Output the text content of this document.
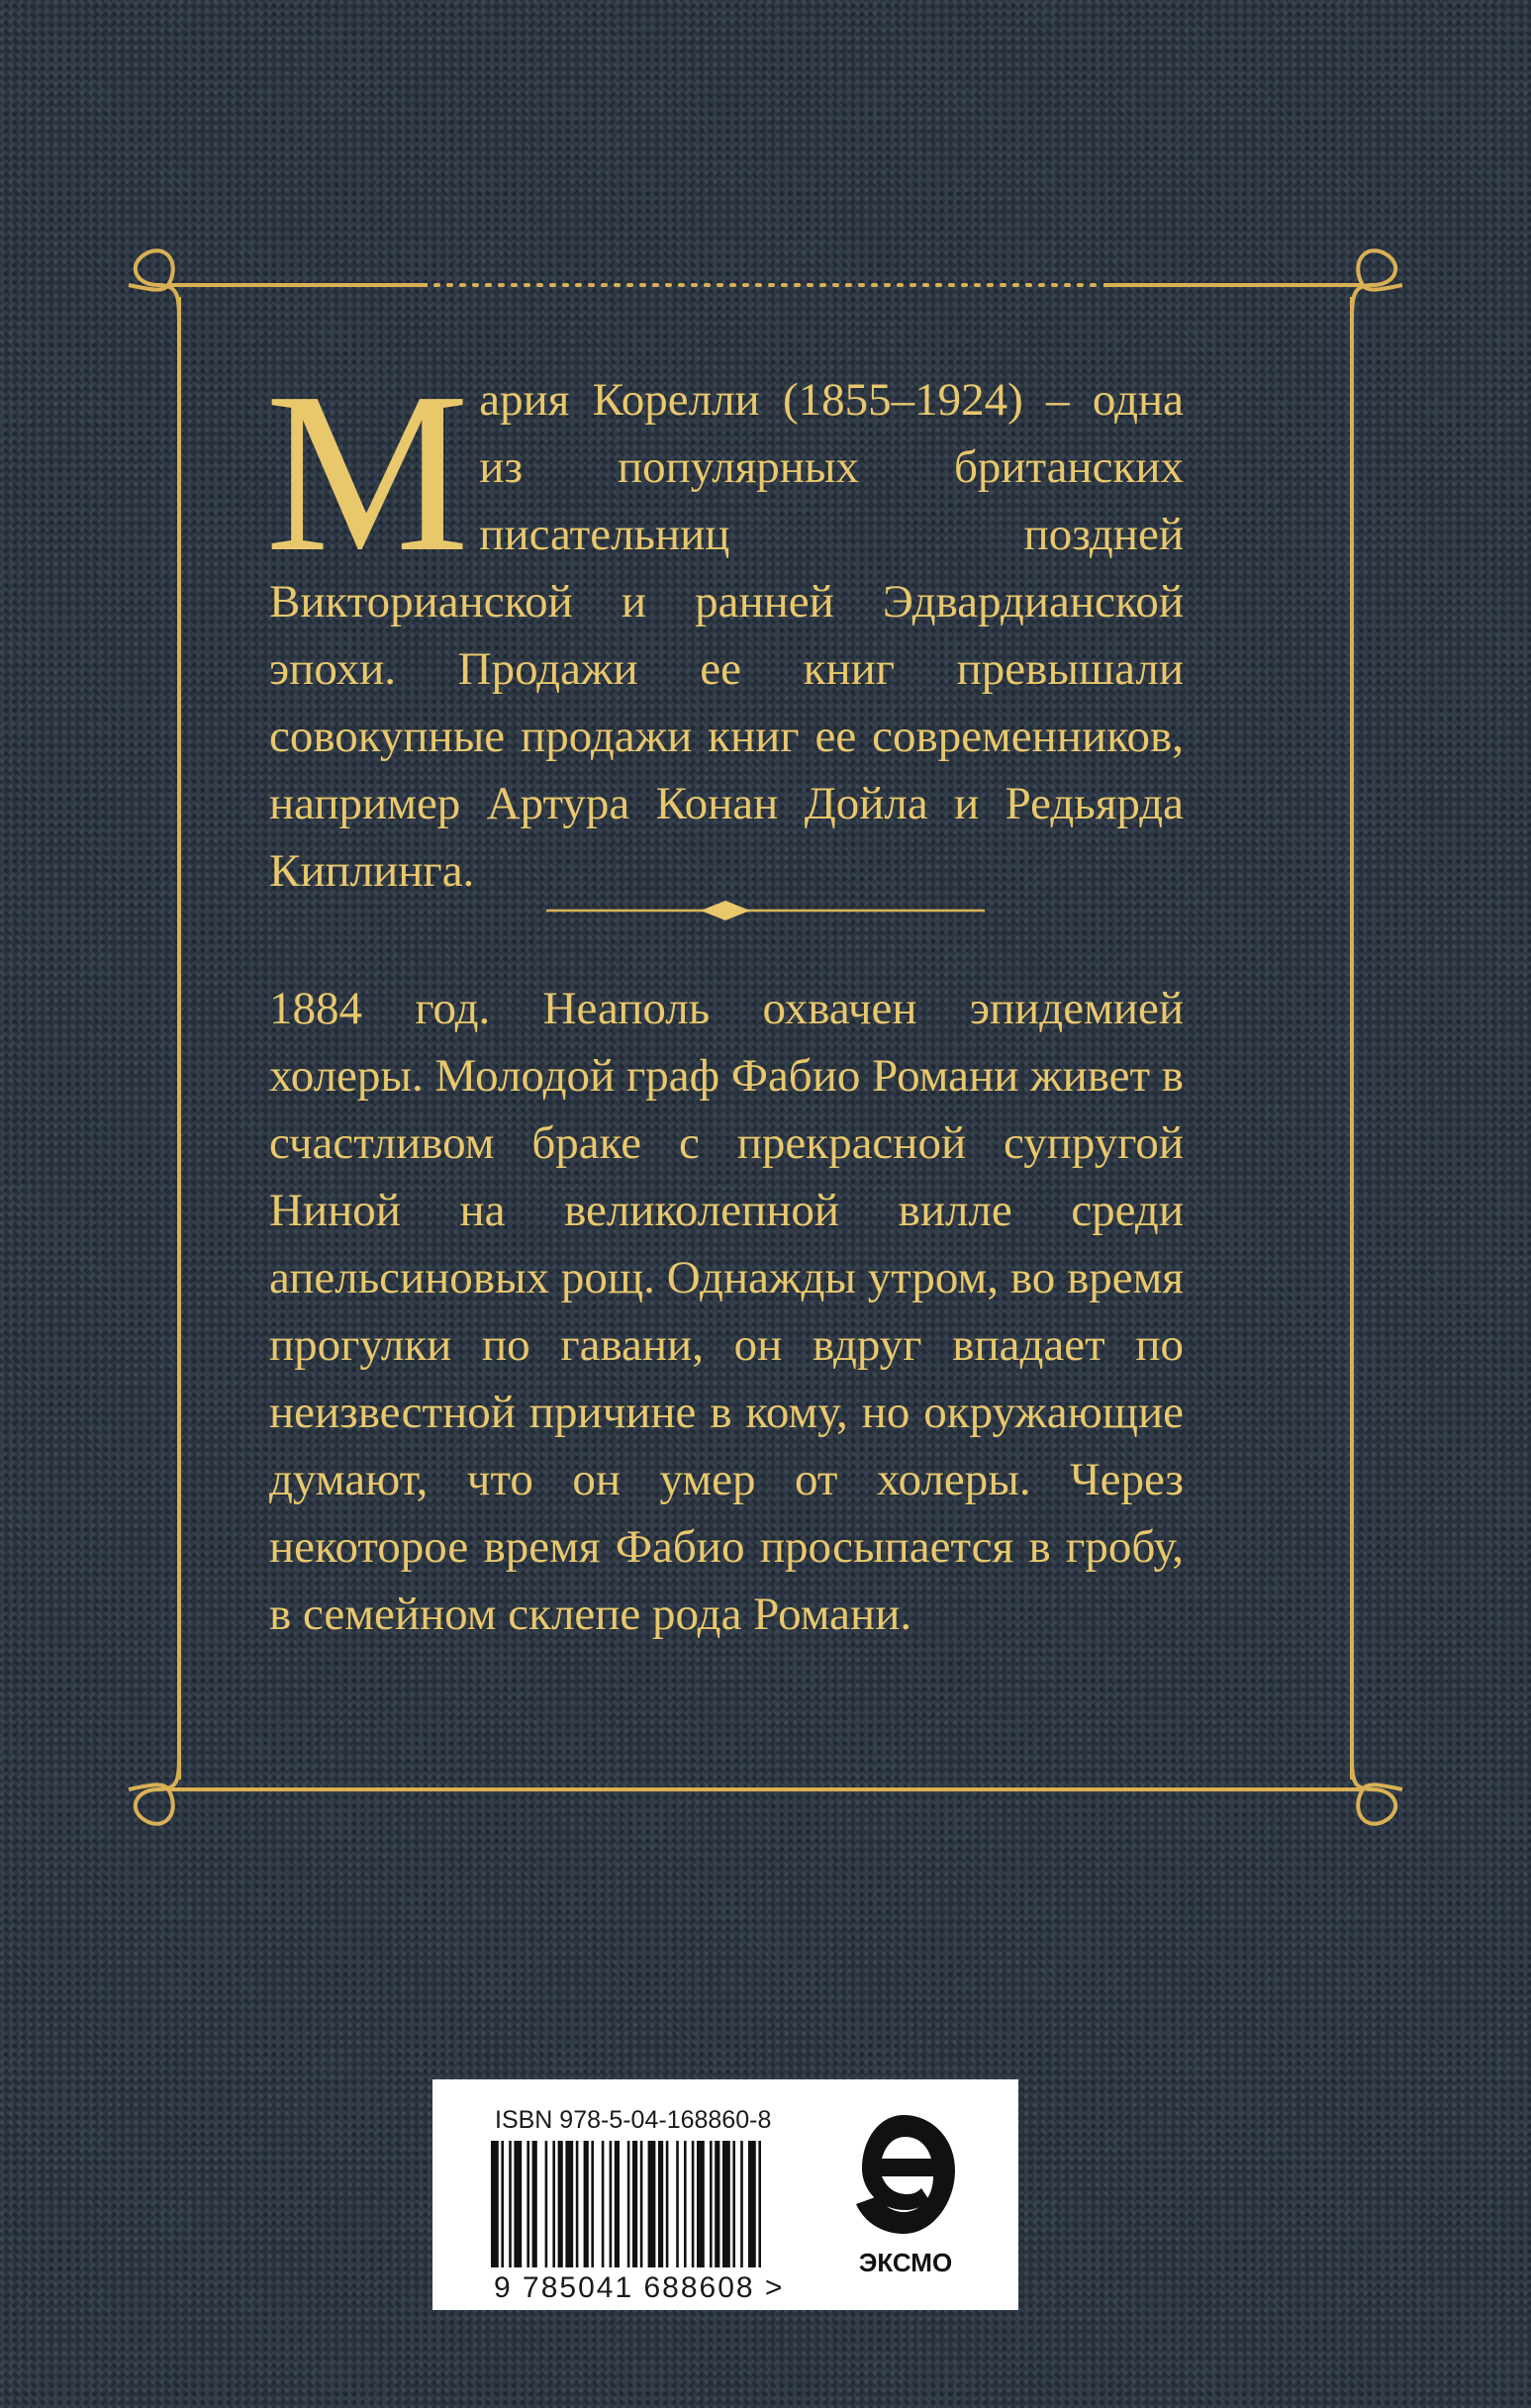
Мария Корелли (1855–1924) – одна из популярных британских писательниц поздней Викторианской и ранней Эдвардианской эпохи. Продажи ее книг превышали совокупные продажи книг ее современников, например Артура Конан Дойла и Редьярда Киплинга.
1884 год. Неаполь охвачен эпидемией холеры. Молодой граф Фабио Романи живет в счастливом браке с прекрасной супругой Ниной на великолепной вилле среди апельсиновых рощ. Однажды утром, во время прогулки по гавани, он вдруг впадает по неизвестной причине в кому, но окружающие думают, что он умер от холеры. Через некоторое время Фабио просыпается в гробу, в семейном склепе рода Романи.
ISBN 978-5-04-168860-8
9 785041 688608 >
ЭКСМО
